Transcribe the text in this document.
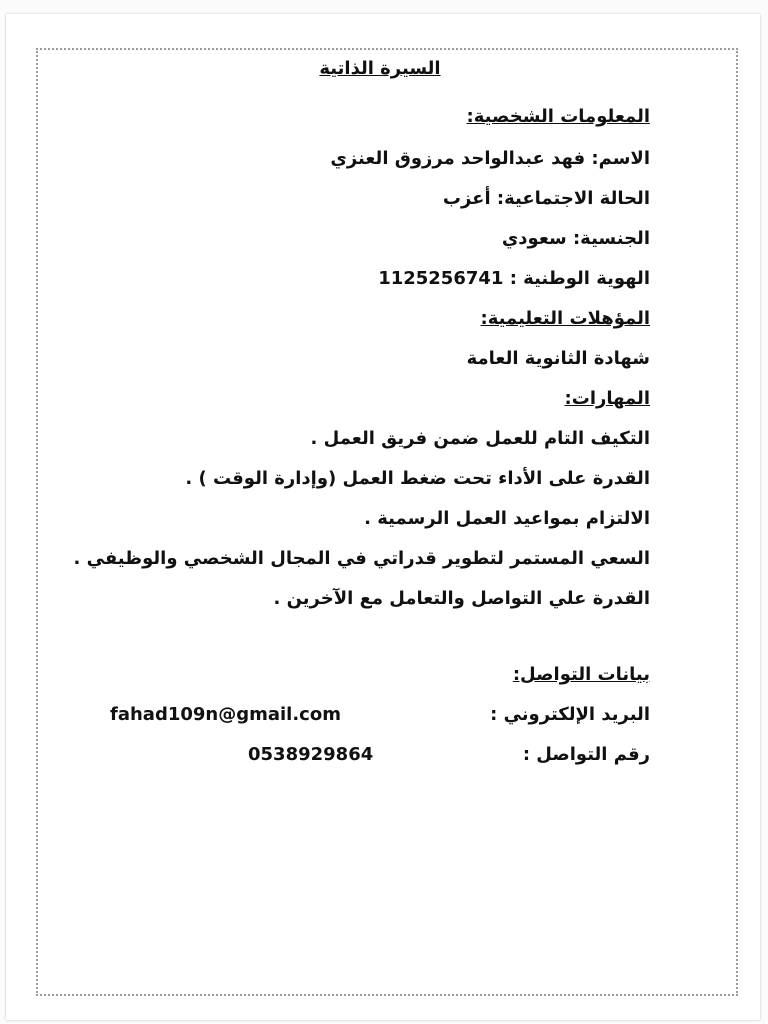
السيرة الذاتية
المعلومات الشخصية:
الاسم: فهد عبدالواحد مرزوق العنزي
الحالة الاجتماعية: أعزب
الجنسية: سعودي
الهوية الوطنية : 1125256741
المؤهلات التعليمية:
شهادة الثانوية العامة
المهارات:
التكيف التام للعمل ضمن فريق العمل .
القدرة على الأداء تحت ضغط العمل (وإدارة الوقت ) .
الالتزام بمواعيد العمل الرسمية .
السعي المستمر لتطوير قدراتي في المجال الشخصي والوظيفي .
القدرة علي التواصل والتعامل مع الآخرين .
بيانات التواصل:
البريد الإلكتروني :
fahad109n@gmail.com
رقم التواصل :
0538929864
